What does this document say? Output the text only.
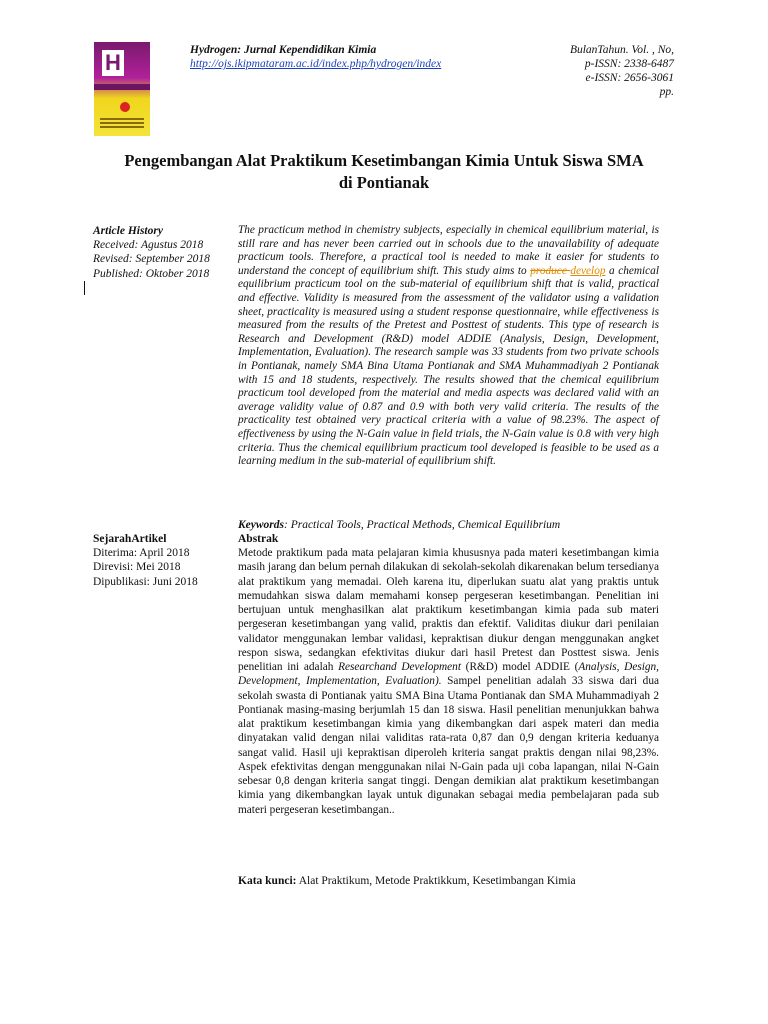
H	Hydrogen: Jurnal Kependidikan Kimia
http://ojs.ikipmataram.ac.id/index.php/hydrogen/index
BulanTahun. Vol. , No,
p-ISSN: 2338-6487
e-ISSN: 2656-3061
pp.
Pengembangan Alat Praktikum Kesetimbangan Kimia Untuk Siswa SMA
di Pontianak
Article History
Received: Agustus 2018
Revised: September 2018
Published: Oktober 2018
The practicum method in chemistry subjects, especially in chemical equilibrium material, is still rare and has never been carried out in schools due to the unavailability of adequate practicum tools. Therefore, a practical tool is needed to make it easier for students to understand the concept of equilibrium shift. This study aims to produce develop a chemical equilibrium practicum tool on the sub-material of equilibrium shift that is valid, practical and effective. Validity is measured from the assessment of the validator using a validation sheet, practicality is measured using a student response questionnaire, while effectiveness is measured from the results of the Pretest and Posttest of students. This type of research is Research and Development (R&D) model ADDIE (Analysis, Design, Development, Implementation, Evaluation). The research sample was 33 students from two private schools in Pontianak, namely SMA Bina Utama Pontianak and SMA Muhammadiyah 2 Pontianak with 15 and 18 students, respectively. The results showed that the chemical equilibrium practicum tool developed from the material and media aspects was declared valid with an average validity value of 0.87 and 0.9 with both very valid criteria. The results of the practicality test obtained very practical criteria with a value of 98.23%. The aspect of effectiveness by using the N-Gain value in field trials, the N-Gain value is 0.8 with very high criteria. Thus the chemical equilibrium practicum tool developed is feasible to be used as a learning medium in the sub-material of equilibrium shift.
Keywords: Practical Tools, Practical Methods, Chemical Equilibrium
SejarahArtikel
Diterima: April 2018
Direvisi: Mei 2018
Dipublikasi: Juni 2018
Abstrak
Metode praktikum pada mata pelajaran kimia khususnya pada materi kesetimbangan kimia masih jarang dan belum pernah dilakukan di sekolah-sekolah dikarenakan belum tersedianya alat praktikum yang memadai. Oleh karena itu, diperlukan suatu alat yang praktis untuk memudahkan siswa dalam memahami konsep pergeseran kesetimbangan. Penelitian ini bertujuan untuk menghasilkan alat praktikum kesetimbangan kimia pada sub materi pergeseran kesetimbangan yang valid, praktis dan efektif. Validitas diukur dari penilaian validator menggunakan lembar validasi, kepraktisan diukur dengan menggunakan angket respon siswa, sedangkan efektivitas diukur dari hasil Pretest dan Posttest siswa. Jenis penelitian ini adalah Researchand Development (R&D) model ADDIE (Analysis, Design, Development, Implementation, Evaluation). Sampel penelitian adalah 33 siswa dari dua sekolah swasta di Pontianak yaitu SMA Bina Utama Pontianak dan SMA Muhammadiyah 2 Pontianak masing-masing berjumlah 15 dan 18 siswa. Hasil penelitian menunjukkan bahwa alat praktikum kesetimbangan kimia yang dikembangkan dari aspek materi dan media dinyatakan valid dengan nilai validitas rata-rata 0,87 dan 0,9 dengan kriteria keduanya sangat valid. Hasil uji kepraktisan diperoleh kriteria sangat praktis dengan nilai 98,23%. Aspek efektivitas dengan menggunakan nilai N-Gain pada uji coba lapangan, nilai N-Gain sebesar 0,8 dengan kriteria sangat tinggi. Dengan demikian alat praktikum kesetimbangan kimia yang dikembangkan layak untuk digunakan sebagai media pembelajaran pada sub materi pergeseran kesetimbangan..
Kata kunci: Alat Praktikum, Metode Praktikkum, Kesetimbangan Kimia
